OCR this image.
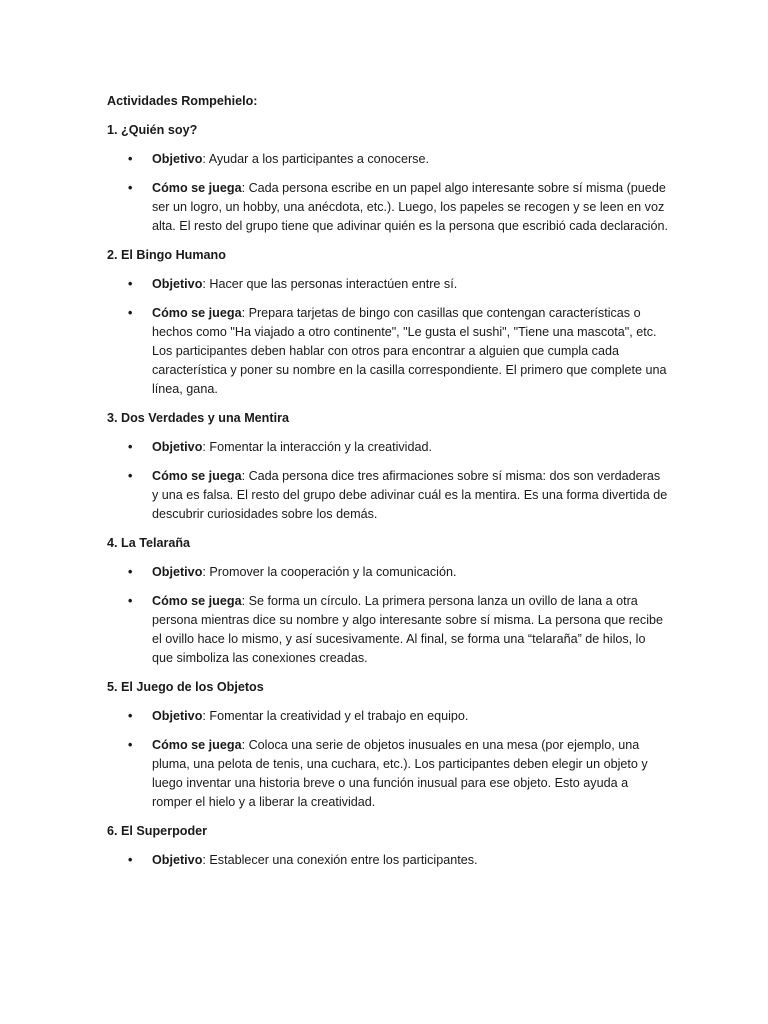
Actividades Rompehielo:
1. ¿Quién soy?
• Objetivo: Ayudar a los participantes a conocerse.
• Cómo se juega: Cada persona escribe en un papel algo interesante sobre sí misma (puede ser un logro, un hobby, una anécdota, etc.). Luego, los papeles se recogen y se leen en voz alta. El resto del grupo tiene que adivinar quién es la persona que escribió cada declaración.
2. El Bingo Humano
• Objetivo: Hacer que las personas interactúen entre sí.
• Cómo se juega: Prepara tarjetas de bingo con casillas que contengan características o hechos como "Ha viajado a otro continente", "Le gusta el sushi", "Tiene una mascota", etc. Los participantes deben hablar con otros para encontrar a alguien que cumpla cada característica y poner su nombre en la casilla correspondiente. El primero que complete una línea, gana.
3. Dos Verdades y una Mentira
• Objetivo: Fomentar la interacción y la creatividad.
• Cómo se juega: Cada persona dice tres afirmaciones sobre sí misma: dos son verdaderas y una es falsa. El resto del grupo debe adivinar cuál es la mentira. Es una forma divertida de descubrir curiosidades sobre los demás.
4. La Telaraña
• Objetivo: Promover la cooperación y la comunicación.
• Cómo se juega: Se forma un círculo. La primera persona lanza un ovillo de lana a otra persona mientras dice su nombre y algo interesante sobre sí misma. La persona que recibe el ovillo hace lo mismo, y así sucesivamente. Al final, se forma una “telaraña” de hilos, lo que simboliza las conexiones creadas.
5. El Juego de los Objetos
• Objetivo: Fomentar la creatividad y el trabajo en equipo.
• Cómo se juega: Coloca una serie de objetos inusuales en una mesa (por ejemplo, una pluma, una pelota de tenis, una cuchara, etc.). Los participantes deben elegir un objeto y luego inventar una historia breve o una función inusual para ese objeto. Esto ayuda a romper el hielo y a liberar la creatividad.
6. El Superpoder
• Objetivo: Establecer una conexión entre los participantes.
